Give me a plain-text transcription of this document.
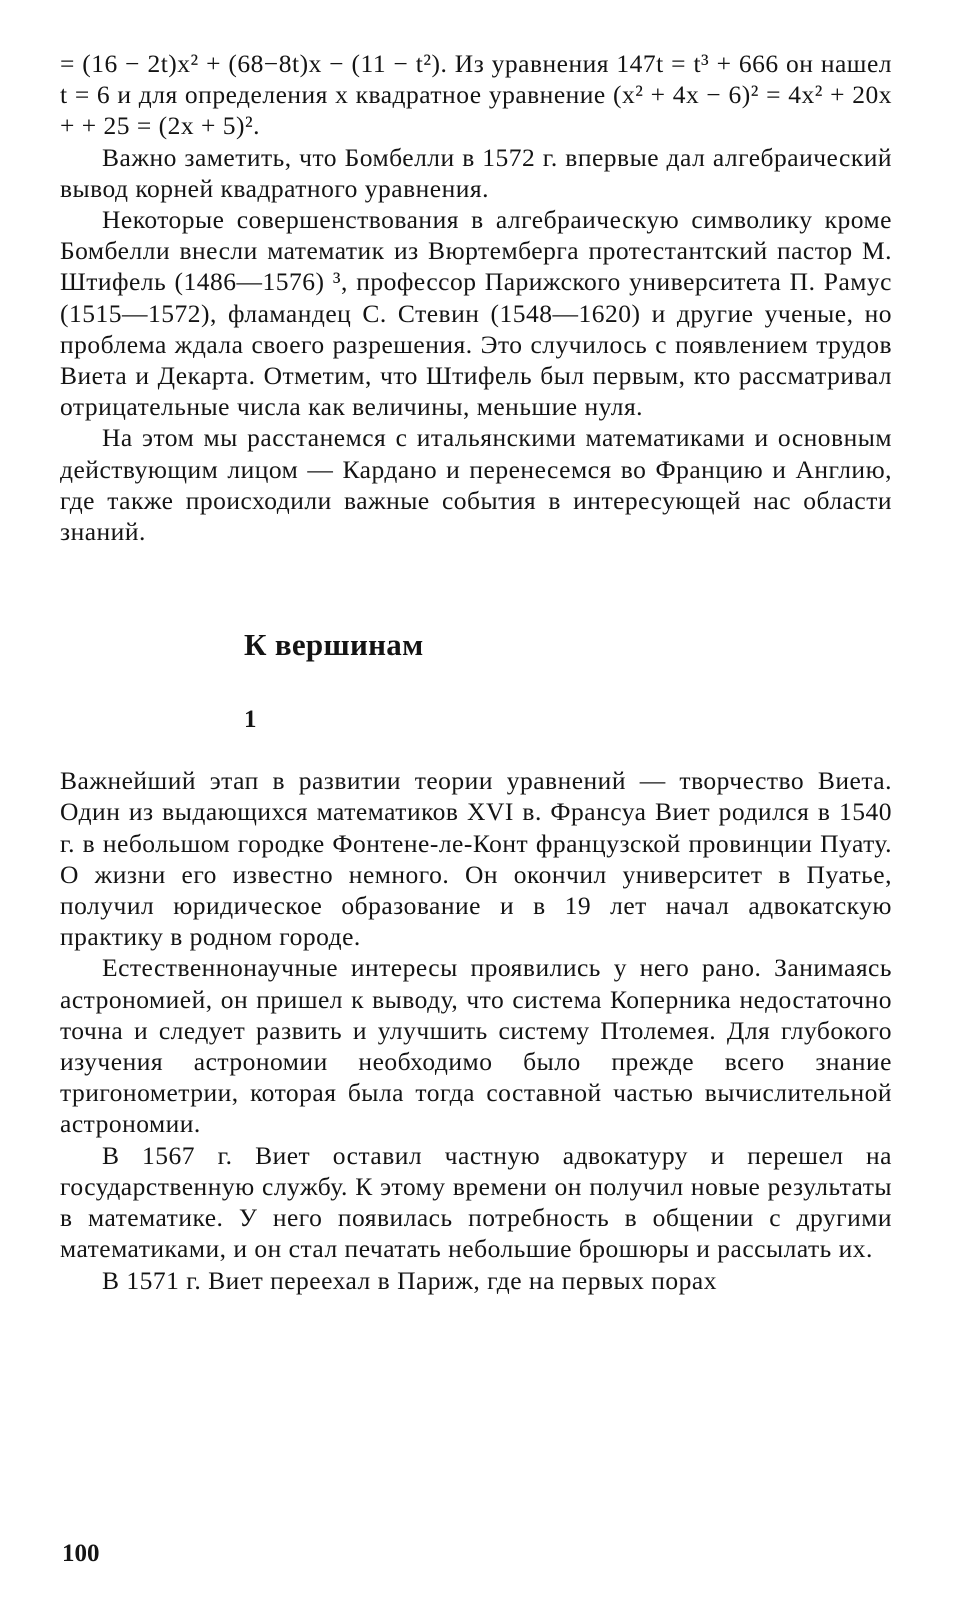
= (16 − 2t)x² + (68−8t)x − (11 − t²). Из уравнения 147t = t³ + 666 он нашел t = 6 и для определения x квадратное уравнение (x² + 4x − 6)² = 4x² + 20x + + 25 = (2x + 5)².

Важно заметить, что Бомбелли в 1572 г. впервые дал алгебраический вывод корней квадратного уравнения.

Некоторые совершенствования в алгебраическую символику кроме Бомбелли внесли математик из Вюртемберга протестантский пастор М. Штифель (1486—1576) ³, профессор Парижского университета П. Рамус (1515—1572), фламандец С. Стевин (1548—1620) и другие ученые, но проблема ждала своего разрешения. Это случилось с появлением трудов Виета и Декарта. Отметим, что Штифель был первым, кто рассматривал отрицательные числа как величины, меньшие нуля.

На этом мы расстанемся с итальянскими математиками и основным действующим лицом — Кардано и перенесемся во Францию и Англию, где также происходили важные события в интересующей нас области знаний.

К вершинам
1

Важнейший этап в развитии теории уравнений — творчество Виета. Один из выдающихся математиков XVI в. Франсуа Виет родился в 1540 г. в небольшом городке Фонтене-ле-Конт французской провинции Пуату. О жизни его известно немного. Он окончил университет в Пуатье, получил юридическое образование и в 19 лет начал адвокатскую практику в родном городе.

Естественнонаучные интересы проявились у него рано. Занимаясь астрономией, он пришел к выводу, что система Коперника недостаточно точна и следует развить и улучшить систему Птолемея. Для глубокого изучения астрономии необходимо было прежде всего знание тригонометрии, которая была тогда составной частью вычислительной астрономии.

В 1567 г. Виет оставил частную адвокатуру и перешел на государственную службу. К этому времени он получил новые результаты в математике. У него появилась потребность в общении с другими математиками, и он стал печатать небольшие брошюры и рассылать их.

В 1571 г. Виет переехал в Париж, где на первых порах

100
